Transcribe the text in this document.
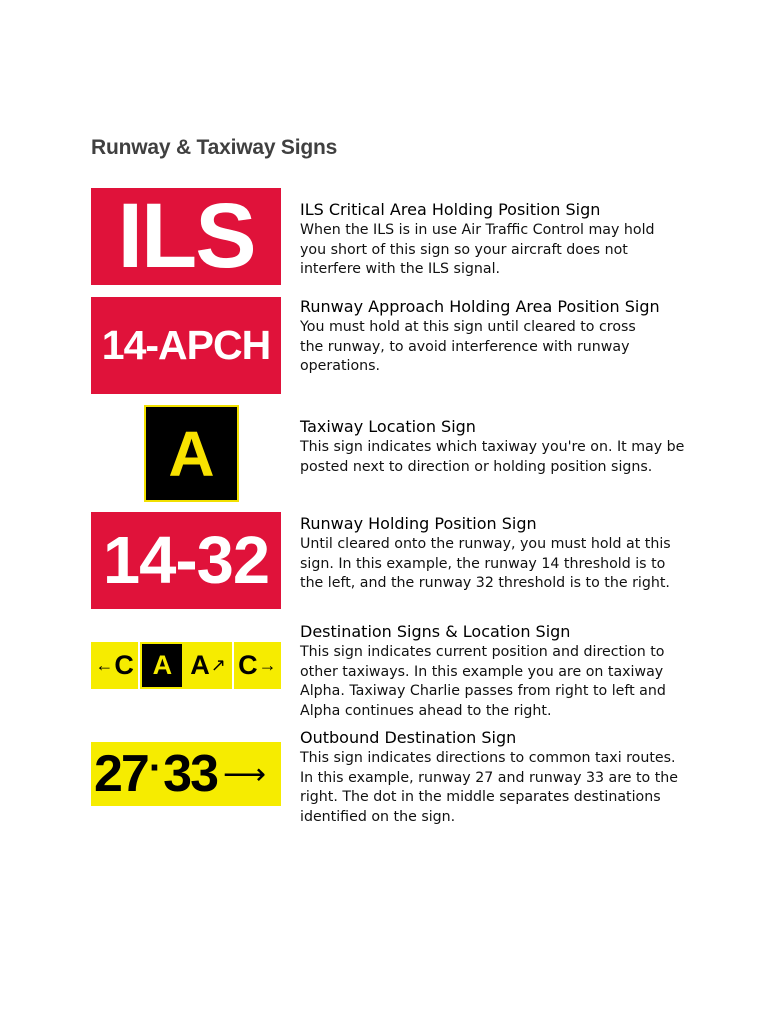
Runway & Taxiway Signs
ILS
14-APCH
A
14-32
← C A A ↗ C →
27 · 33 ⟶
ILS Critical Area Holding Position Sign

When the ILS is in use Air Traffic Control may hold you short of this sign so your aircraft does not interfere with the ILS signal.

Runway Approach Holding Area Position Sign

You must hold at this sign until cleared to cross the runway, to avoid interference with runway operations.

Taxiway Location Sign

This sign indicates which taxiway you're on. It may be posted next to direction or holding position signs.

Runway Holding Position Sign

Until cleared onto the runway, you must hold at this sign. In this example, the runway 14 threshold is to the left, and the runway 32 threshold is to the right.

Destination Signs & Location Sign

This sign indicates current position and direction to other taxiways. In this example you are on taxiway Alpha. Taxiway Charlie passes from right to left and Alpha continues ahead to the right.

Outbound Destination Sign

This sign indicates directions to common taxi routes. In this example, runway 27 and runway 33 are to the right. The dot in the middle separates destinations identified on the sign.
